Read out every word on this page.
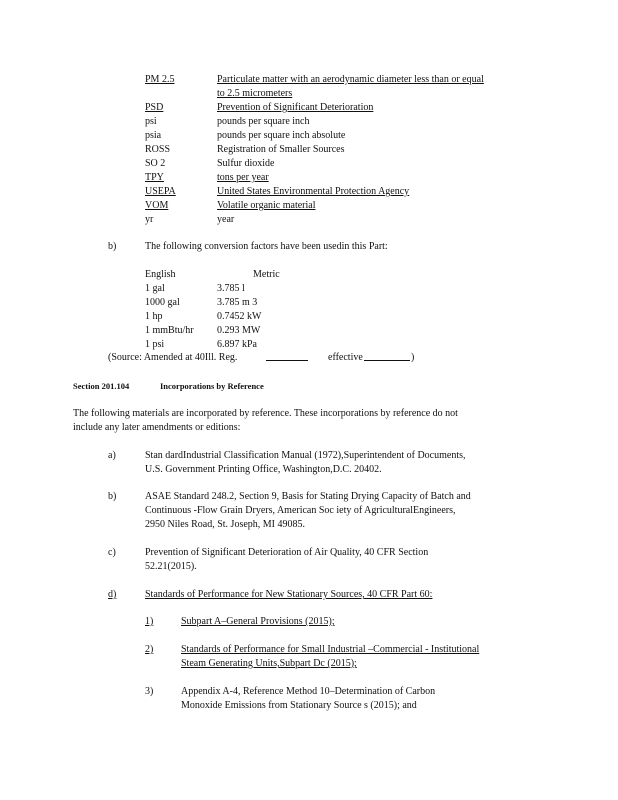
PM 2.5	Particulate matter with an aerodynamic diameter less than or equal
to 2.5 micrometers
PSD	Prevention of Significant Deterioration
psi	pounds per square inch
psia	pounds per square inch absolute
ROSS	Registration of Smaller Sources
SO 2	Sulfur dioxide
TPY	tons per year
USEPA	United States Environmental Protection Agency
VOM	Volatile organic material
yr	year
b)	The following conversion factors have been usedin this Part:
English	Metric
1 gal	3.785 l
1000 gal	3.785 m 3
1 hp	0.7452 kW
1 mmBtu/hr 0.293 MW
1 psi	6.897 kPa
(Source: Amended at 40Ill. Reg.	effective	)
Section 201.104	Incorporations by Reference
The following materials are incorporated by reference. These incorporations by reference do not
include any later amendments or editions:
a)	Stan dardIndustrial Classification Manual (1972),Superintendent of Documents,
U.S. Government Printing Office, Washington,D.C. 20402.
b)	ASAE Standard 248.2, Section 9, Basis for Stating Drying Capacity of Batch and
Continuous -Flow Grain Dryers, American Soc iety of AgriculturalEngineers,
2950 Niles Road, St. Joseph, MI 49085.
c)	Prevention of Significant Deterioration of Air Quality, 40 CFR Section
52.21(2015).
d)	Standards of Performance for New Stationary Sources, 40 CFR Part 60:
1)	Subpart A–General Provisions (2015);
2)	Standards of Performance for Small Industrial –Commercial - Institutional
Steam Generating Units,Subpart Dc (2015);
3)	Appendix A-4, Reference Method 10–Determination of Carbon
Monoxide Emissions from Stationary Source s (2015); and
